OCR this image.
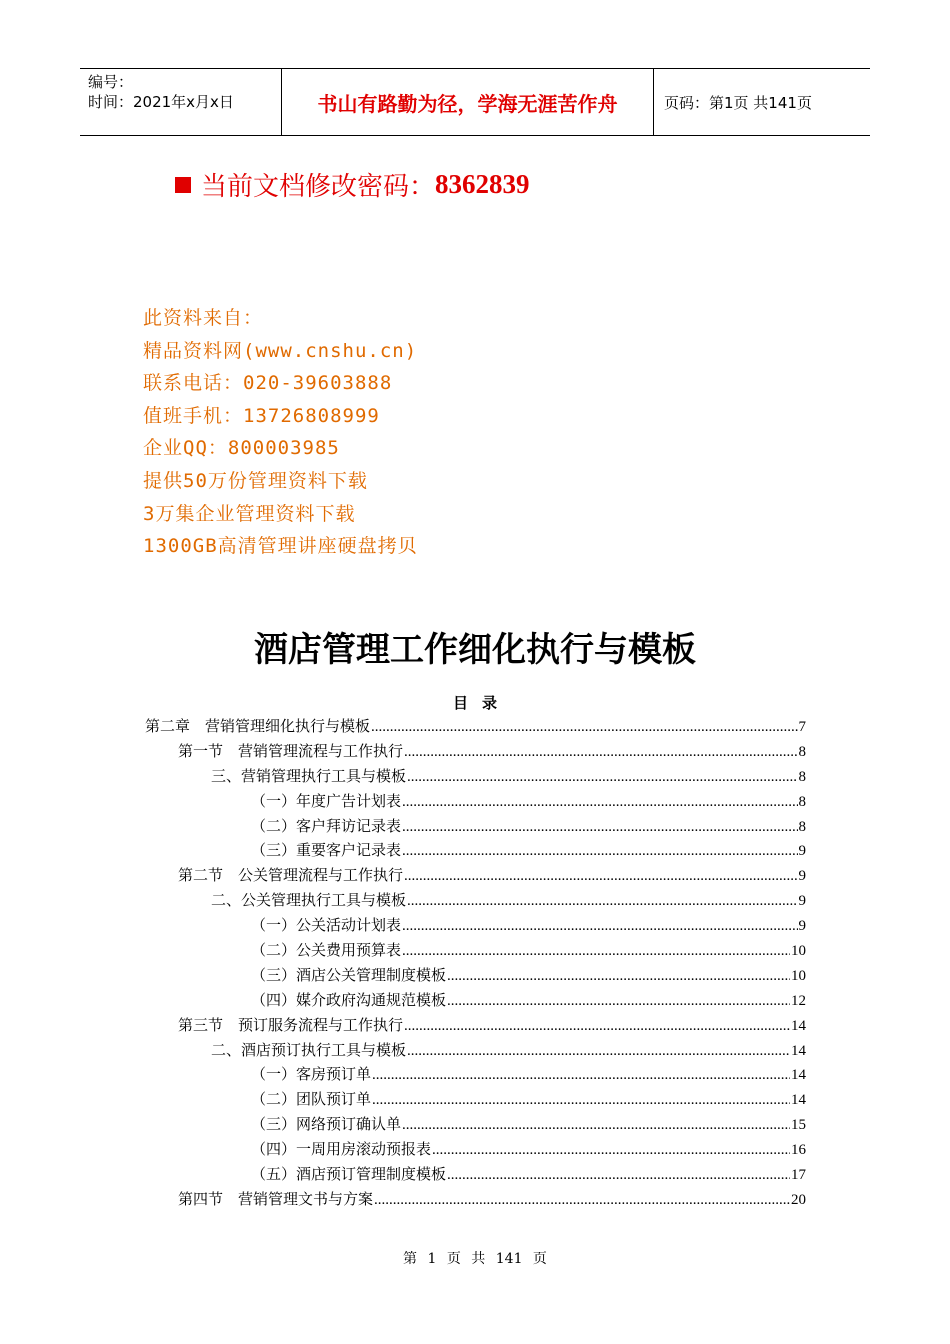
编号：
时间：2021年x月x日	书山有路勤为径，学海无涯苦作舟	页码：第1页 共141页
当前文档修改密码： 8362839
此资料来自：
精品资料网(www.cnshu.cn)
联系电话：020-39603888
值班手机：13726808999
企业QQ：800003985
提供50万份管理资料下载
3万集企业管理资料下载
1300GB高清管理讲座硬盘拷贝
酒店管理工作细化执行与模板
目录
第二章　营销管理细化执行与模板 .....	7
第一节　营销管理流程与工作执行 .....	8
三、营销管理执行工具与模板 .....	8
（一）年度广告计划表 .....	8
（二）客户拜访记录表 .....	8
（三）重要客户记录表 .....	9
第二节　公关管理流程与工作执行 .....	9
二、公关管理执行工具与模板 .....	9
（一）公关活动计划表 .....	9
（二）公关费用预算表 .....	10
（三）酒店公关管理制度模板 .....	10
（四）媒介政府沟通规范模板 .....	12
第三节　预订服务流程与工作执行 .....	14
二、酒店预订执行工具与模板 .....	14
（一）客房预订单 .....	14
（二）团队预订单 .....	14
（三）网络预订确认单 .....	15
（四）一周用房滚动预报表 .....	16
（五）酒店预订管理制度模板 .....	17
第四节　营销管理文书与方案 .....	20
第 1 页 共 141 页
